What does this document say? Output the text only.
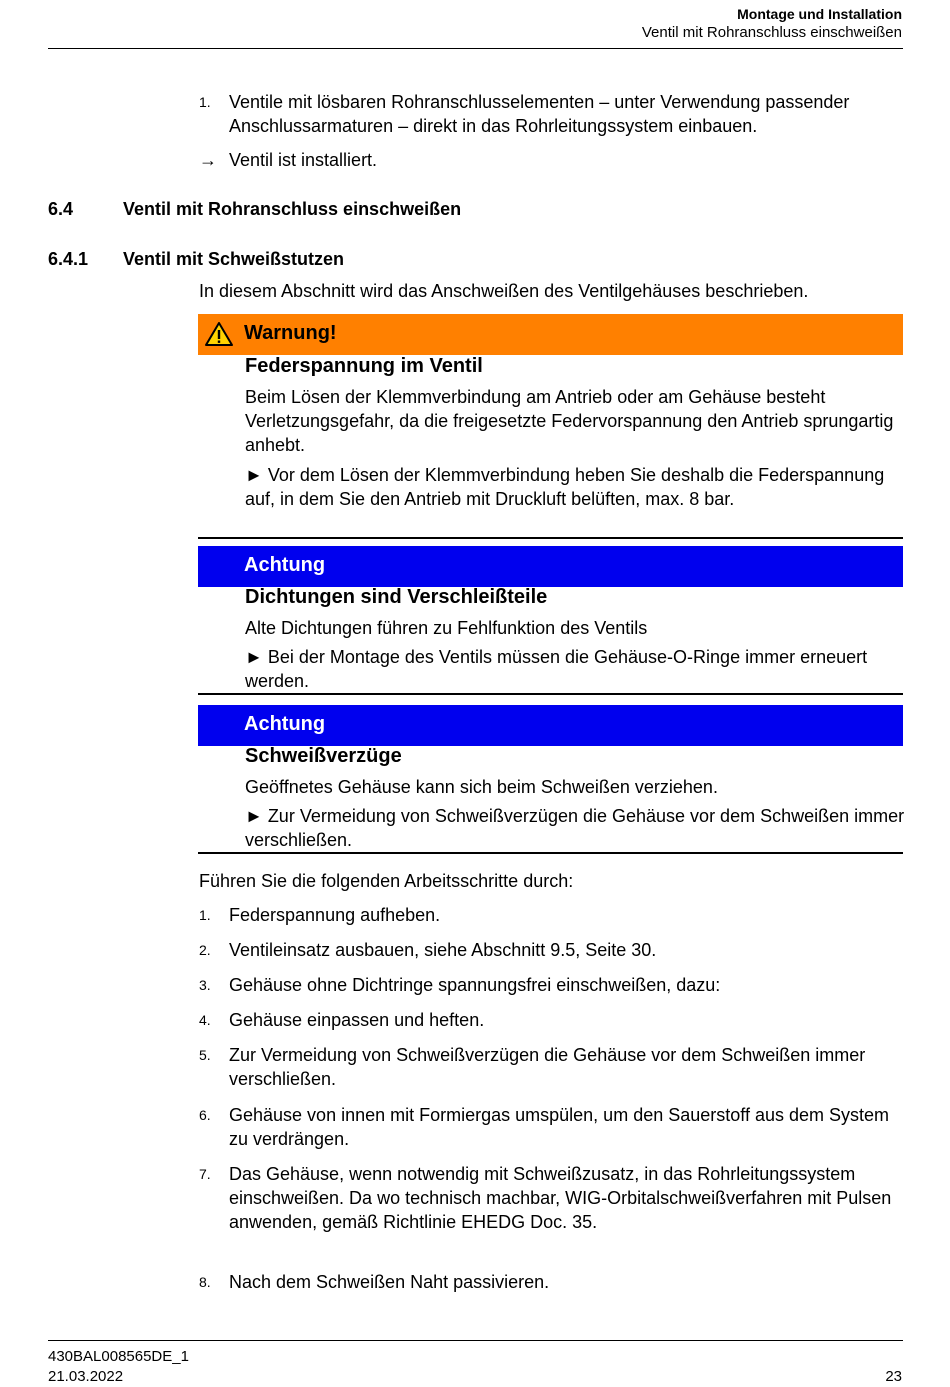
Montage und Installation
Ventil mit Rohranschluss einschweißen
1. Ventile mit lösbaren Rohranschlusselementen – unter Verwendung passender Anschlussarmaturen – direkt in das Rohrleitungssystem einbauen.
→ Ventil ist installiert.
6.4	Ventil mit Rohranschluss einschweißen
6.4.1 Ventil mit Schweißstutzen
In diesem Abschnitt wird das Anschweißen des Ventilgehäuses beschrieben.
Warnung!
Federspannung im Ventil
Beim Lösen der Klemmverbindung am Antrieb oder am Gehäuse besteht Verletzungsgefahr, da die freigesetzte Federvorspannung den Antrieb sprungartig anhebt.
► Vor dem Lösen der Klemmverbindung heben Sie deshalb die Federspannung auf, in dem Sie den Antrieb mit Druckluft belüften, max. 8 bar.
Achtung
Dichtungen sind Verschleißteile
Alte Dichtungen führen zu Fehlfunktion des Ventils
► Bei der Montage des Ventils müssen die Gehäuse-O-Ringe immer erneuert werden.
Achtung
Schweißverzüge
Geöffnetes Gehäuse kann sich beim Schweißen verziehen.
► Zur Vermeidung von Schweißverzügen die Gehäuse vor dem Schweißen immer verschließen.
Führen Sie die folgenden Arbeitsschritte durch:
1. Federspannung aufheben.
2. Ventileinsatz ausbauen, siehe Abschnitt 9.5, Seite 30.
3. Gehäuse ohne Dichtringe spannungsfrei einschweißen, dazu:
4. Gehäuse einpassen und heften.
5. Zur Vermeidung von Schweißverzügen die Gehäuse vor dem Schweißen immer verschließen.
6. Gehäuse von innen mit Formiergas umspülen, um den Sauerstoff aus dem System zu verdrängen.
7. Das Gehäuse, wenn notwendig mit Schweißzusatz, in das Rohrleitungssystem einschweißen. Da wo technisch machbar, WIG-Orbitalschweißverfahren mit Pulsen anwenden, gemäß Richtlinie EHEDG Doc. 35.
8. Nach dem Schweißen Naht passivieren.
430BAL008565DE_1
21.03.2022	23
